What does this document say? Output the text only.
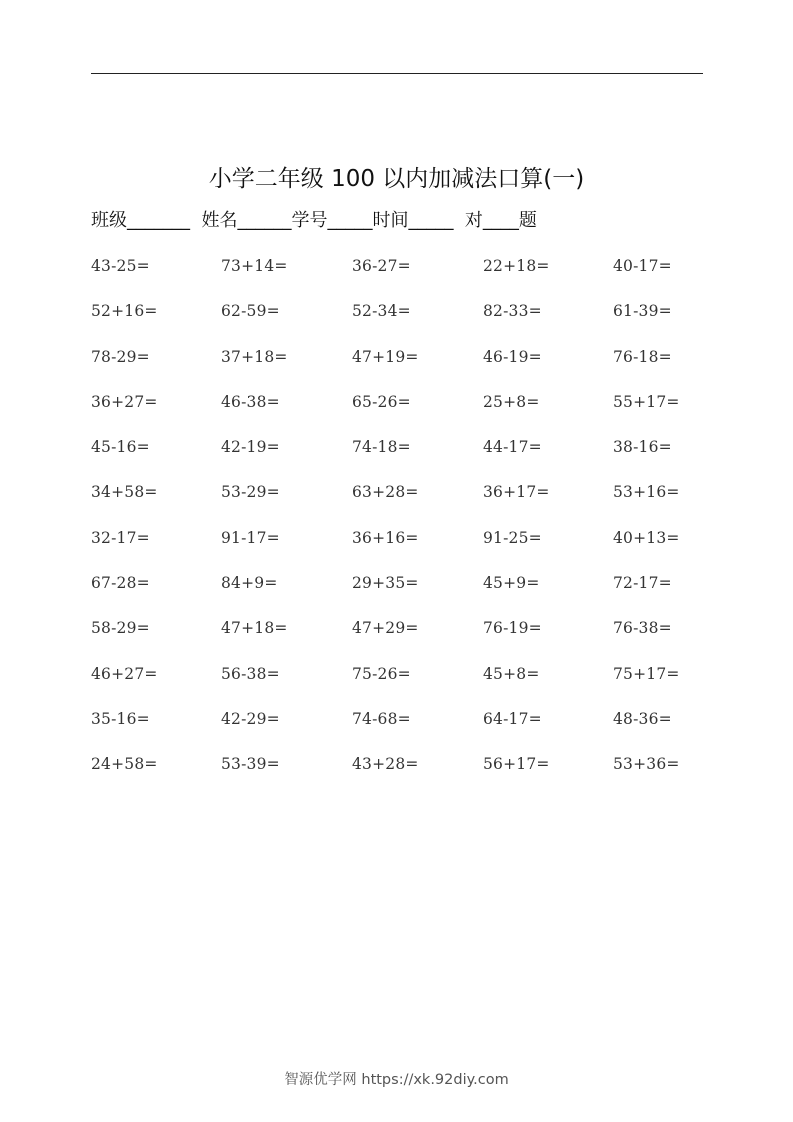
小学二年级 100 以内加减法口算(一)
班级_______  姓名______学号_____时间_____  对____题
43-25=	73+14=	36-27=	22+18=	40-17=
52+16=	62-59=	52-34=	82-33=	61-39=
78-29=	37+18=	47+19=	46-19=	76-18=
36+27=	46-38=	65-26=	25+8=	55+17=
45-16=	42-19=	74-18=	44-17=	38-16=
34+58=	53-29=	63+28=	36+17=	53+16=
32-17=	91-17=	36+16=	91-25=	40+13=
67-28=	84+9=	29+35=	45+9=	72-17=
58-29=	47+18=	47+29=	76-19=	76-38=
46+27=	56-38=	75-26=	45+8=	75+17=
35-16=	42-29=	74-68=	64-17=	48-36=
24+58=	53-39=	43+28=	56+17=	53+36=
智源优学网 https://xk.92diy.com
